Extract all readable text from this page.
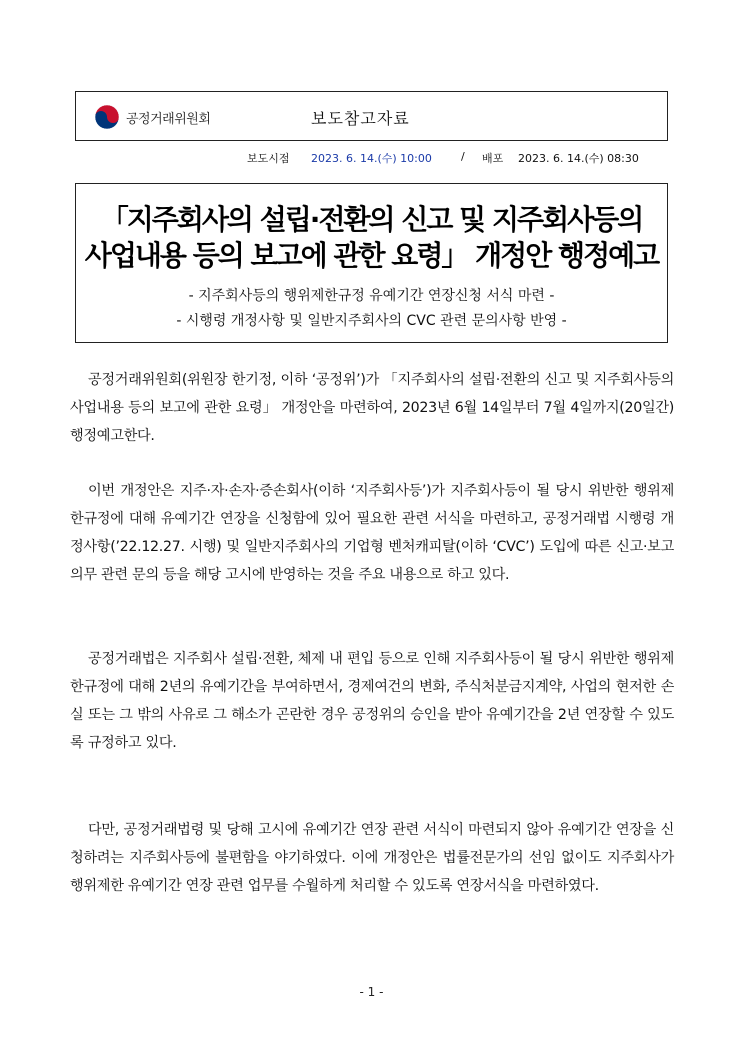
공정거래위원회	보도참고자료
보도시점 2023. 6. 14.(수) 10:00	/ 배포 2023. 6. 14.(수) 08:30
「지주회사의 설립·전환의 신고 및 지주회사등의
사업내용 등의 보고에 관한 요령」 개정안 행정예고
- 지주회사등의 행위제한규정 유예기간 연장신청 서식 마련 -
- 시행령 개정사항 및 일반지주회사의 CVC 관련 문의사항 반영 -
공정거래위원회(위원장 한기정, 이하 ‘공정위’)가 「지주회사의 설립·전환의 신고 및 지주회사등의 사업내용 등의 보고에 관한 요령」 개정안을 마련하여, 2023년 6월 14일부터 7월 4일까지(20일간) 행정예고한다.
이번 개정안은 지주·자·손자·증손회사(이하 ‘지주회사등’)가 지주회사등이 될 당시 위반한 행위제한규정에 대해 유예기간 연장을 신청함에 있어 필요한 관련 서식을 마련하고, 공정거래법 시행령 개정사항(’22.12.27. 시행) 및 일반지주회사의 기업형 벤처캐피탈(이하 ‘CVC’) 도입에 따른 신고·보고의무 관련 문의 등을 해당 고시에 반영하는 것을 주요 내용으로 하고 있다.
공정거래법은 지주회사 설립·전환, 체제 내 편입 등으로 인해 지주회사등이 될 당시 위반한 행위제한규정에 대해 2년의 유예기간을 부여하면서, 경제여건의 변화, 주식처분금지계약, 사업의 현저한 손실 또는 그 밖의 사유로 그 해소가 곤란한 경우 공정위의 승인을 받아 유예기간을 2년 연장할 수 있도록 규정하고 있다.
다만, 공정거래법령 및 당해 고시에 유예기간 연장 관련 서식이 마련되지 않아 유예기간 연장을 신청하려는 지주회사등에 불편함을 야기하였다. 이에 개정안은 법률전문가의 선임 없이도 지주회사가 행위제한 유예기간 연장 관련 업무를 수월하게 처리할 수 있도록 연장서식을 마련하였다.
- 1 -
